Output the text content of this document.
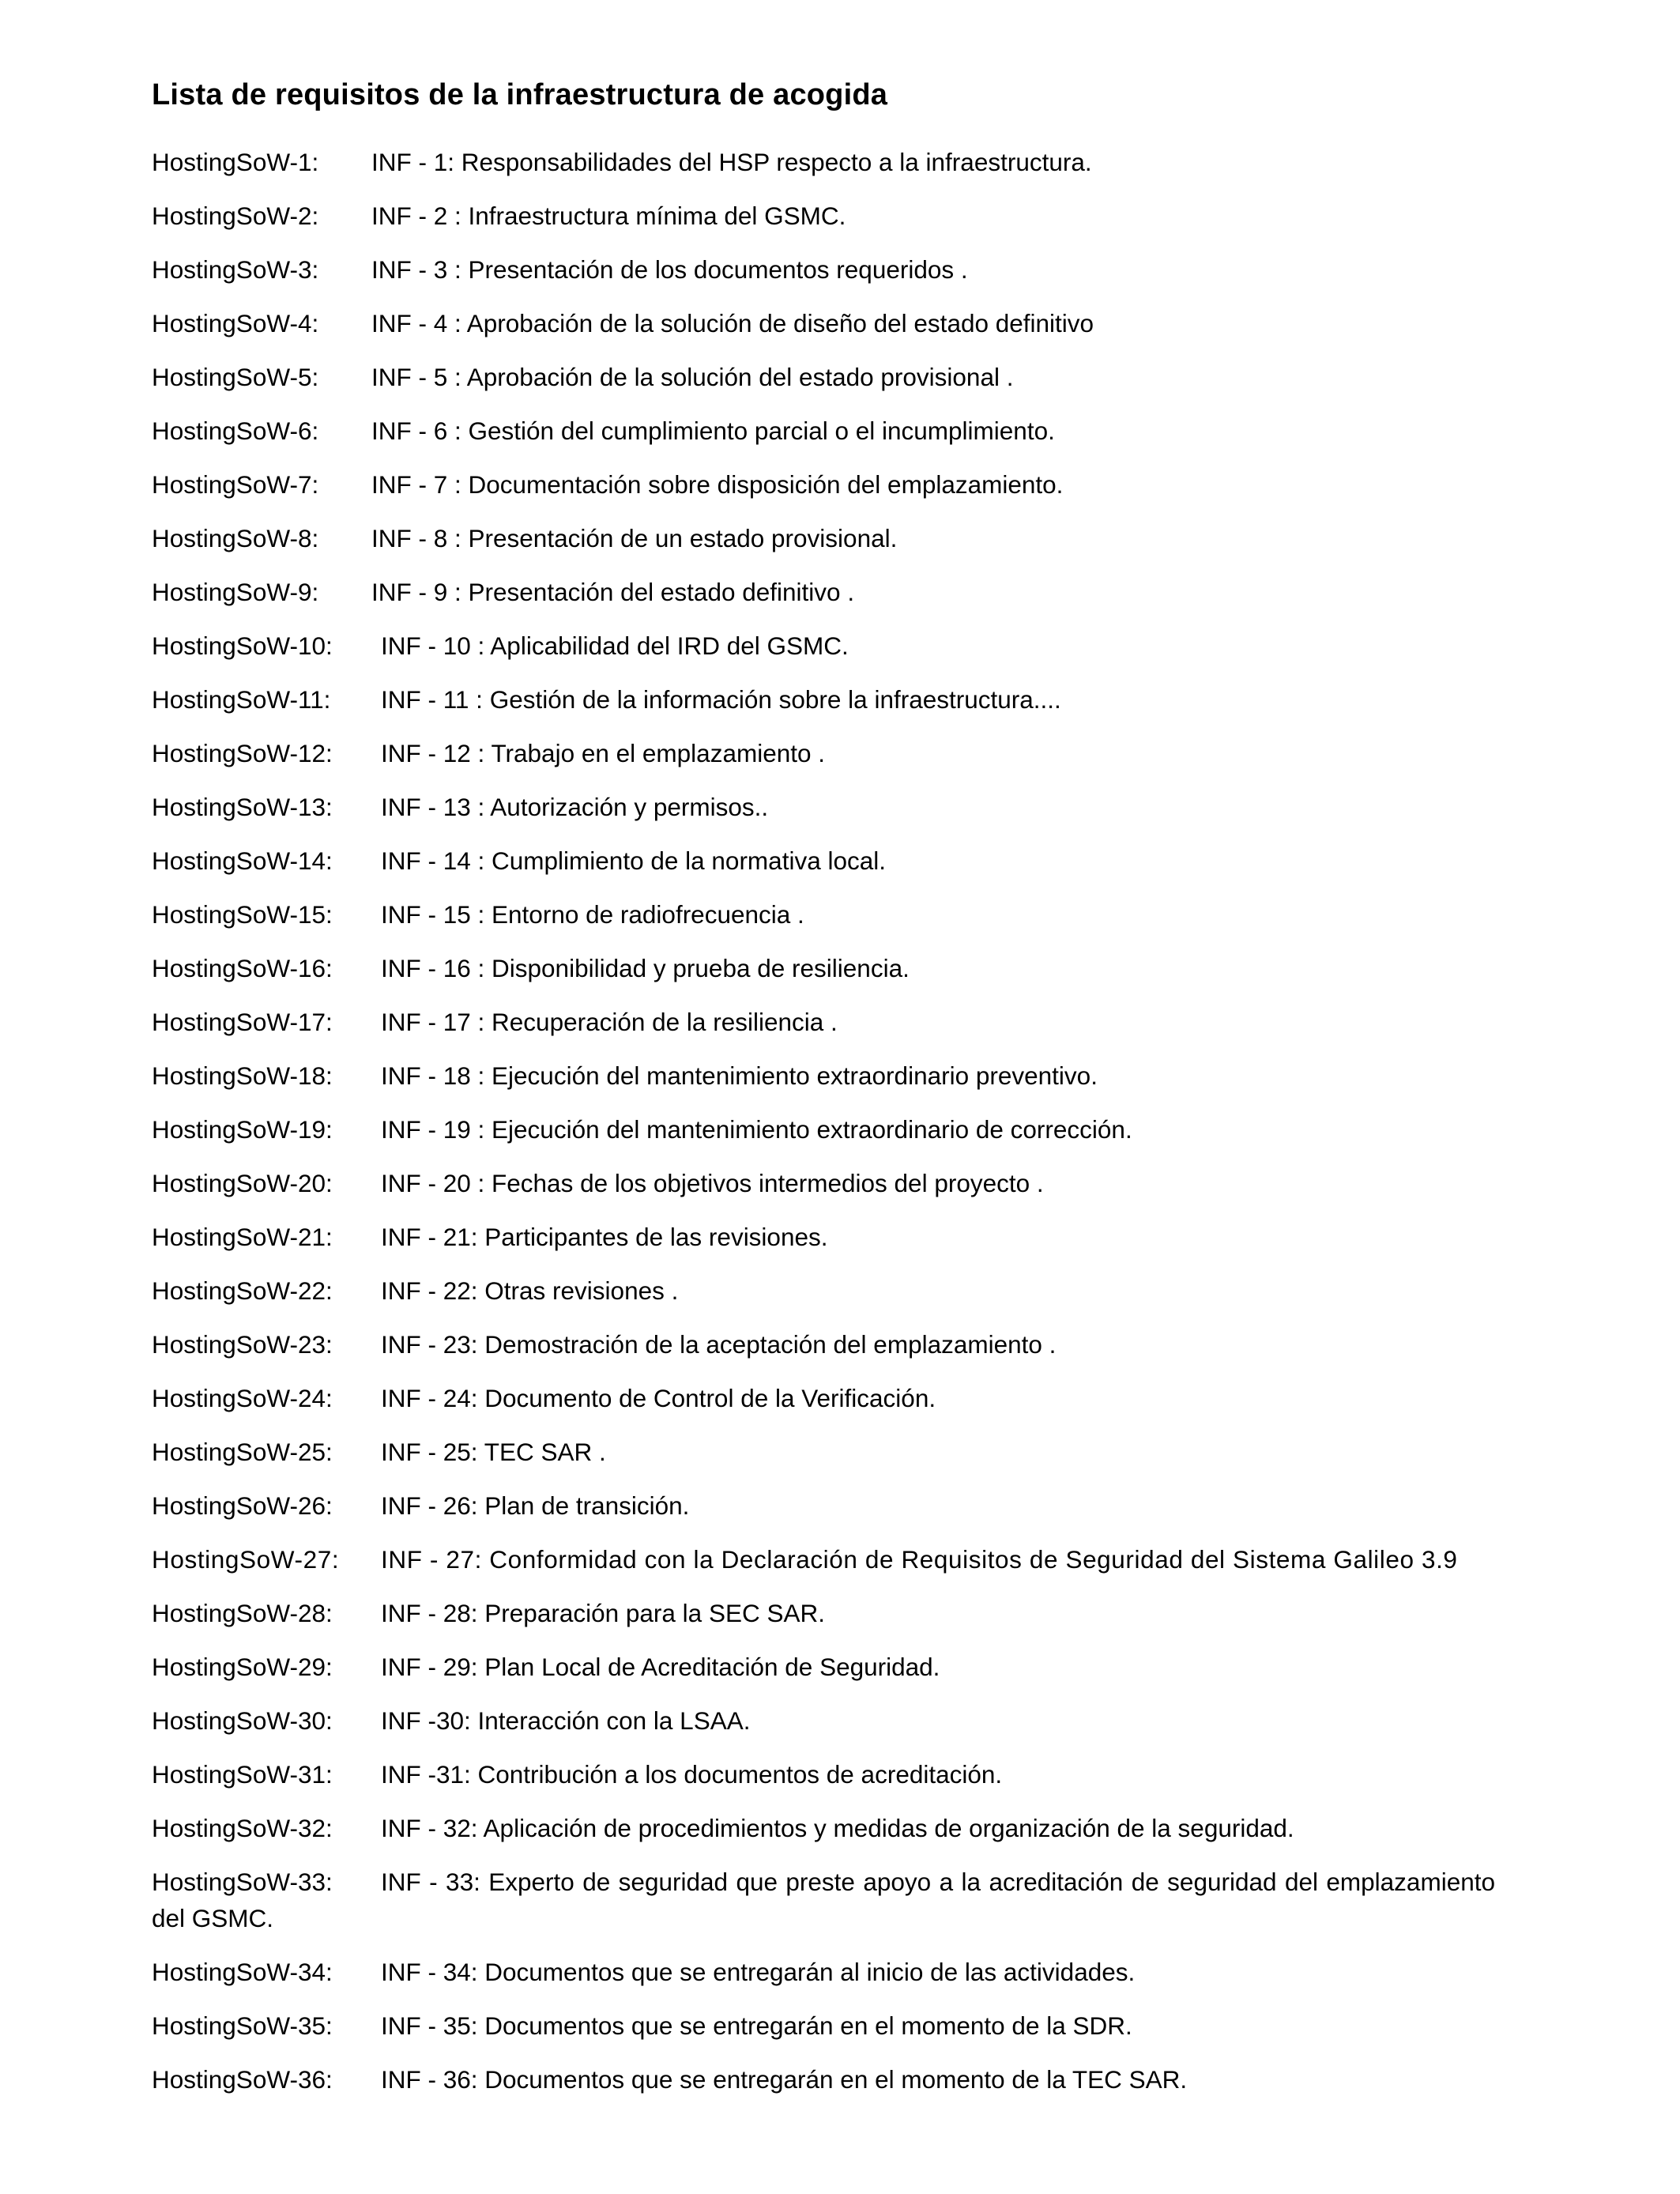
Lista de requisitos de la infraestructura de acogida
HostingSoW-1: INF - 1: Responsabilidades del HSP respecto a la infraestructura.
HostingSoW-2: INF - 2 : Infraestructura mínima del GSMC.
HostingSoW-3: INF - 3 : Presentación de los documentos requeridos .
HostingSoW-4: INF - 4 : Aprobación de la solución de diseño del estado definitivo
HostingSoW-5: INF - 5 : Aprobación de la solución del estado provisional .
HostingSoW-6: INF - 6 : Gestión del cumplimiento parcial o el incumplimiento.
HostingSoW-7: INF - 7 : Documentación sobre disposición del emplazamiento.
HostingSoW-8: INF - 8 : Presentación de un estado provisional.
HostingSoW-9: INF - 9 : Presentación del estado definitivo .
HostingSoW-10: INF - 10 : Aplicabilidad del IRD del GSMC.
HostingSoW-11: INF - 11 : Gestión de la información sobre la infraestructura....
HostingSoW-12: INF - 12 : Trabajo en el emplazamiento .
HostingSoW-13: INF - 13 : Autorización y permisos..
HostingSoW-14: INF - 14 : Cumplimiento de la normativa local.
HostingSoW-15: INF - 15 : Entorno de radiofrecuencia .
HostingSoW-16: INF - 16 : Disponibilidad y prueba de resiliencia.
HostingSoW-17: INF - 17 : Recuperación de la resiliencia .
HostingSoW-18: INF - 18 : Ejecución del mantenimiento extraordinario preventivo.
HostingSoW-19: INF - 19 : Ejecución del mantenimiento extraordinario de corrección.
HostingSoW-20: INF - 20 : Fechas de los objetivos intermedios del proyecto .
HostingSoW-21: INF - 21: Participantes de las revisiones.
HostingSoW-22: INF - 22: Otras revisiones .
HostingSoW-23: INF - 23: Demostración de la aceptación del emplazamiento .
HostingSoW-24: INF - 24: Documento de Control de la Verificación.
HostingSoW-25: INF - 25: TEC SAR .
HostingSoW-26: INF - 26: Plan de transición.
HostingSoW-27: INF - 27: Conformidad con la Declaración de Requisitos de Seguridad del Sistema Galileo 3.9
HostingSoW-28: INF - 28: Preparación para la SEC SAR.
HostingSoW-29: INF - 29: Plan Local de Acreditación de Seguridad.
HostingSoW-30: INF -30: Interacción con la LSAA.
HostingSoW-31: INF -31: Contribución a los documentos de acreditación.
HostingSoW-32: INF - 32: Aplicación de procedimientos y medidas de organización de la seguridad.
HostingSoW-33: INF - 33: Experto de seguridad que preste apoyo a la acreditación de seguridad del emplazamiento del GSMC.
HostingSoW-34: INF - 34: Documentos que se entregarán al inicio de las actividades.
HostingSoW-35: INF - 35: Documentos que se entregarán en el momento de la SDR.
HostingSoW-36: INF - 36: Documentos que se entregarán en el momento de la TEC SAR.
